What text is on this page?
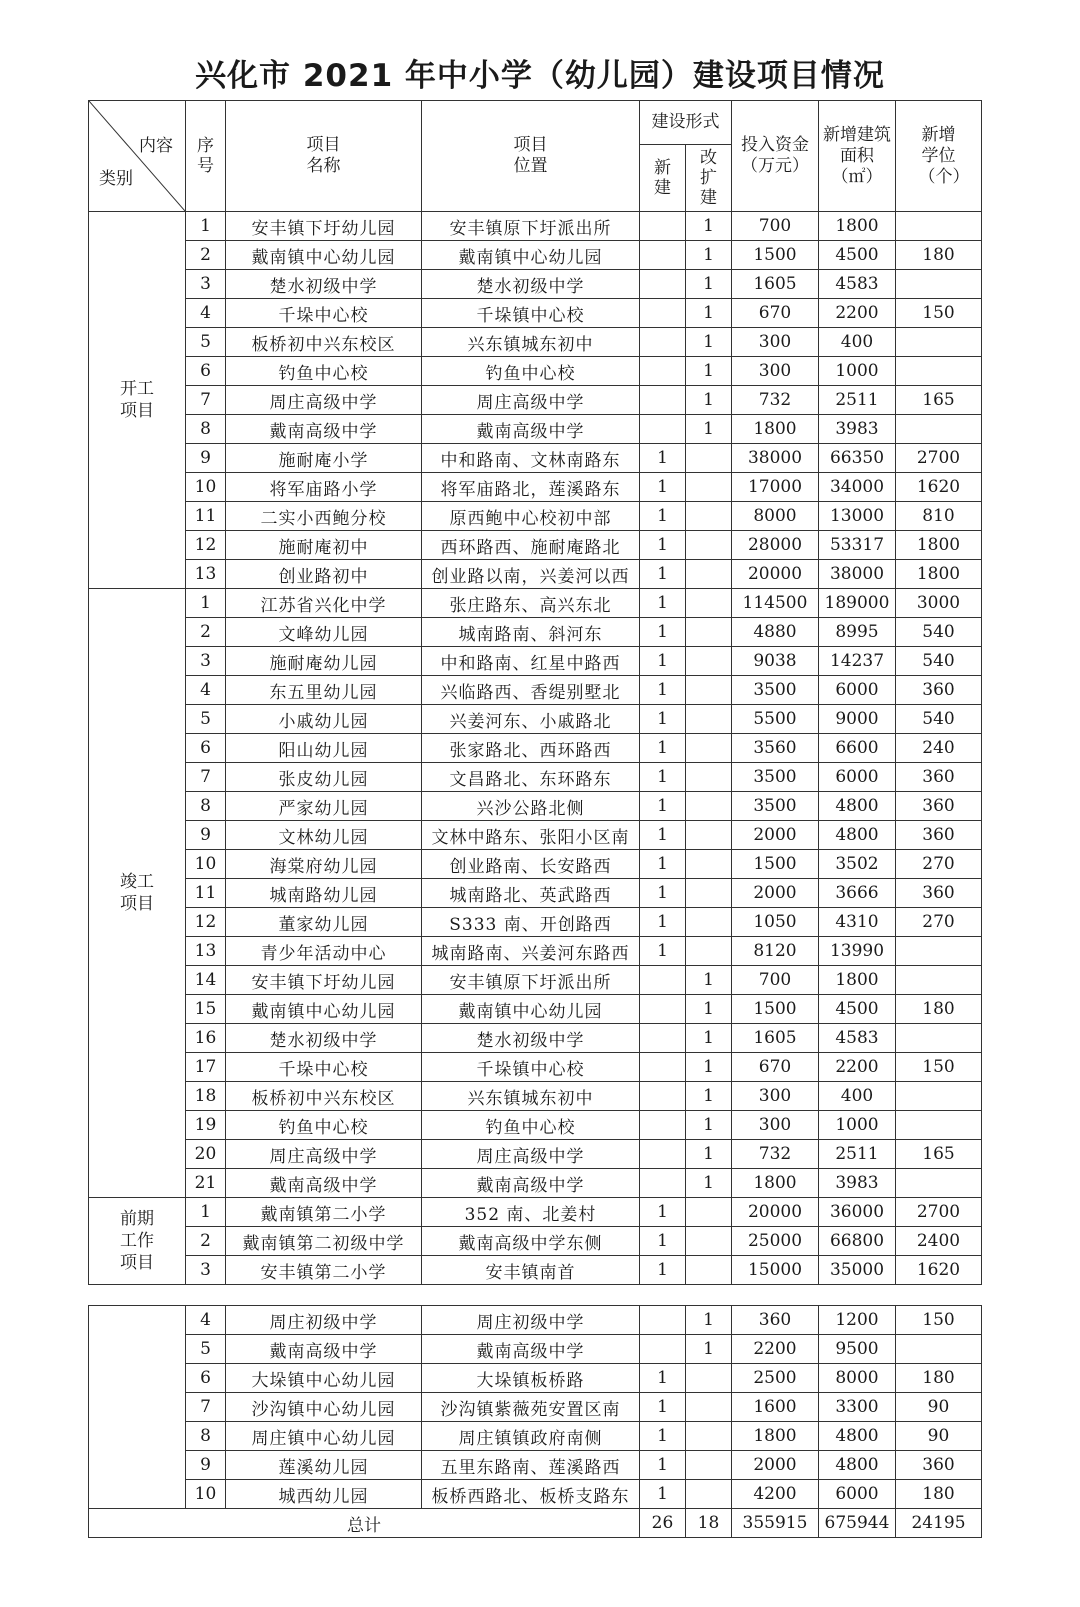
兴化市 2021 年中小学（幼儿园）建设项目情况
内容
类别	序号	项目名称	项目位置	建设形式		投入资金（万元）	新增建筑面积（㎡）	新增学位（个）
				新建	改扩建			
开工项目	1	安丰镇下圩幼儿园	安丰镇原下圩派出所		1	700	1800	
	2	戴南镇中心幼儿园	戴南镇中心幼儿园		1	1500	4500	180
	3	楚水初级中学	楚水初级中学		1	1605	4583	
	4	千垛中心校	千垛镇中心校		1	670	2200	150
	5	板桥初中兴东校区	兴东镇城东初中		1	300	400	
	6	钓鱼中心校	钓鱼中心校		1	300	1000	
	7	周庄高级中学	周庄高级中学		1	732	2511	165
	8	戴南高级中学	戴南高级中学		1	1800	3983	
	9	施耐庵小学	中和路南、文林南路东	1		38000	66350	2700
	10	将军庙路小学	将军庙路北，莲溪路东	1		17000	34000	1620
	11	二实小西鲍分校	原西鲍中心校初中部	1		8000	13000	810
	12	施耐庵初中	西环路西、施耐庵路北	1		28000	53317	1800
	13	创业路初中	创业路以南，兴姜河以西	1		20000	38000	1800
竣工项目	1	江苏省兴化中学	张庄路东、高兴东北	1		114500	189000	3000
	2	文峰幼儿园	城南路南、斜河东	1		4880	8995	540
	3	施耐庵幼儿园	中和路南、红星中路西	1		9038	14237	540
	4	东五里幼儿园	兴临路西、香缇别墅北	1		3500	6000	360
	5	小戚幼儿园	兴姜河东、小戚路北	1		5500	9000	540
	6	阳山幼儿园	张家路北、西环路西	1		3560	6600	240
	7	张皮幼儿园	文昌路北、东环路东	1		3500	6000	360
	8	严家幼儿园	兴沙公路北侧	1		3500	4800	360
	9	文林幼儿园	文林中路东、张阳小区南	1		2000	4800	360
	10	海棠府幼儿园	创业路南、长安路西	1		1500	3502	270
	11	城南路幼儿园	城南路北、英武路西	1		2000	3666	360
	12	董家幼儿园	S333 南、开创路西	1		1050	4310	270
	13	青少年活动中心	城南路南、兴姜河东路西	1		8120	13990	
	14	安丰镇下圩幼儿园	安丰镇原下圩派出所		1	700	1800	
	15	戴南镇中心幼儿园	戴南镇中心幼儿园		1	1500	4500	180
	16	楚水初级中学	楚水初级中学		1	1605	4583	
	17	千垛中心校	千垛镇中心校		1	670	2200	150
	18	板桥初中兴东校区	兴东镇城东初中		1	300	400	
	19	钓鱼中心校	钓鱼中心校		1	300	1000	
	20	周庄高级中学	周庄高级中学		1	732	2511	165
	21	戴南高级中学	戴南高级中学		1	1800	3983	
前期工作项目	1	戴南镇第二小学	352 南、北姜村	1		20000	36000	2700
	2	戴南镇第二初级中学	戴南高级中学东侧	1		25000	66800	2400
	3	安丰镇第二小学	安丰镇南首	1		15000	35000	1620
	4	周庄初级中学	周庄初级中学		1	360	1200	150
	5	戴南高级中学	戴南高级中学		1	2200	9500	
	6	大垛镇中心幼儿园	大垛镇板桥路	1		2500	8000	180
	7	沙沟镇中心幼儿园	沙沟镇紫薇苑安置区南	1		1600	3300	90
	8	周庄镇中心幼儿园	周庄镇镇政府南侧	1		1800	4800	90
	9	莲溪幼儿园	五里东路南、莲溪路西	1		2000	4800	360
	10	城西幼儿园	板桥西路北、板桥支路东	1		4200	6000	180
总计				26	18	355915	675944	24195
